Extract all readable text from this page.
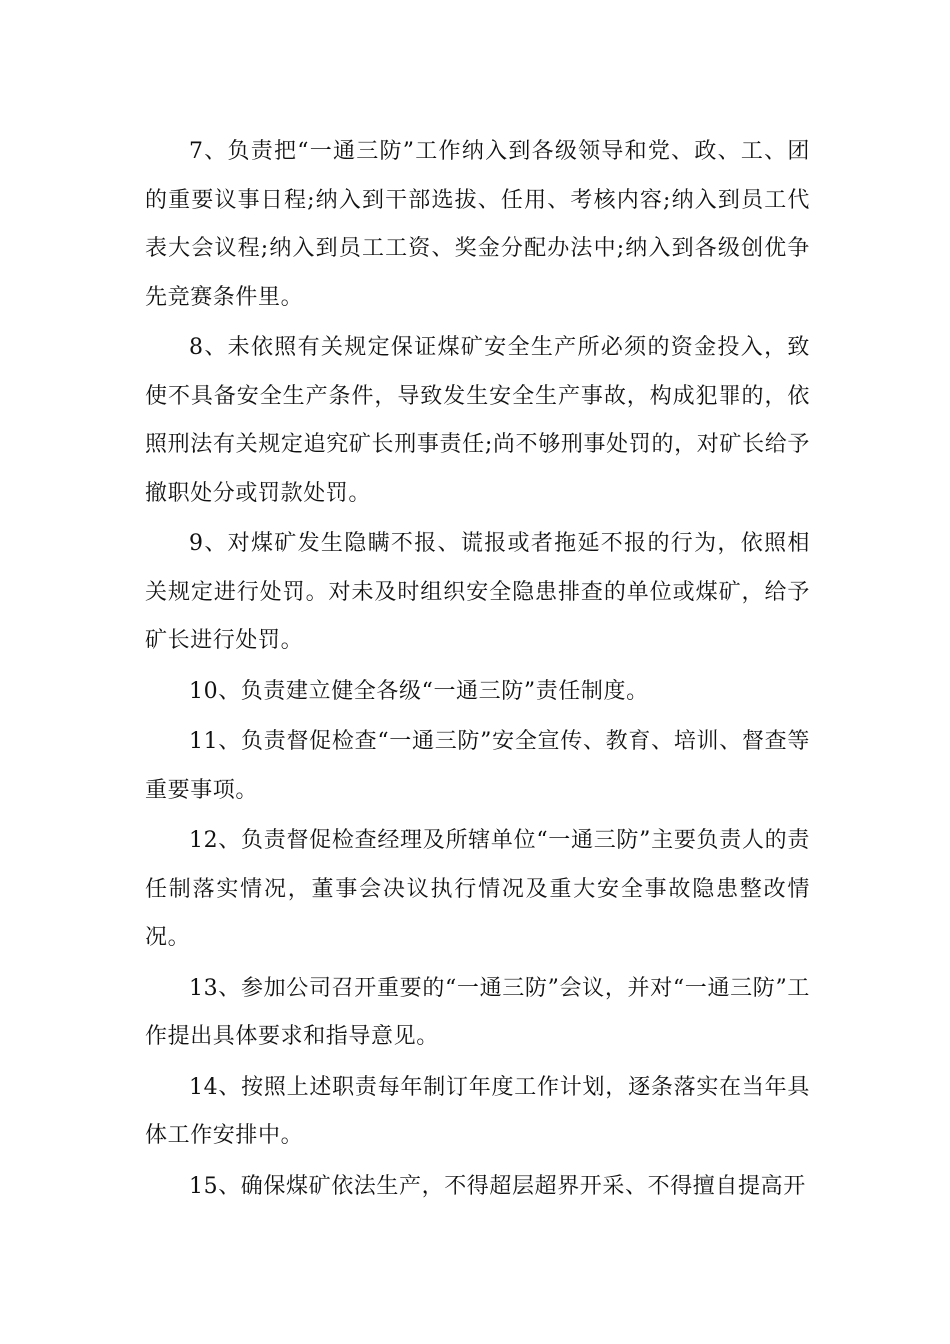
7、负责把“一通三防”工作纳入到各级领导和党、政、工、团的重要议事日程;纳入到干部选拔、任用、考核内容;纳入到员工代表大会议程;纳入到员工工资、奖金分配办法中;纳入到各级创优争先竞赛条件里。

8、未依照有关规定保证煤矿安全生产所必须的资金投入，致使不具备安全生产条件，导致发生安全生产事故，构成犯罪的，依照刑法有关规定追究矿长刑事责任;尚不够刑事处罚的，对矿长给予撤职处分或罚款处罚。

9、对煤矿发生隐瞒不报、谎报或者拖延不报的行为，依照相关规定进行处罚。对未及时组织安全隐患排查的单位或煤矿，给予矿长进行处罚。

10、负责建立健全各级“一通三防”责任制度。

11、负责督促检查“一通三防”安全宣传、教育、培训、督查等重要事项。

12、负责督促检查经理及所辖单位“一通三防”主要负责人的责任制落实情况，董事会决议执行情况及重大安全事故隐患整改情况。

13、参加公司召开重要的“一通三防”会议，并对“一通三防”工作提出具体要求和指导意见。

14、按照上述职责每年制订年度工作计划，逐条落实在当年具体工作安排中。

15、确保煤矿依法生产，不得超层超界开采、不得擅自提高开
